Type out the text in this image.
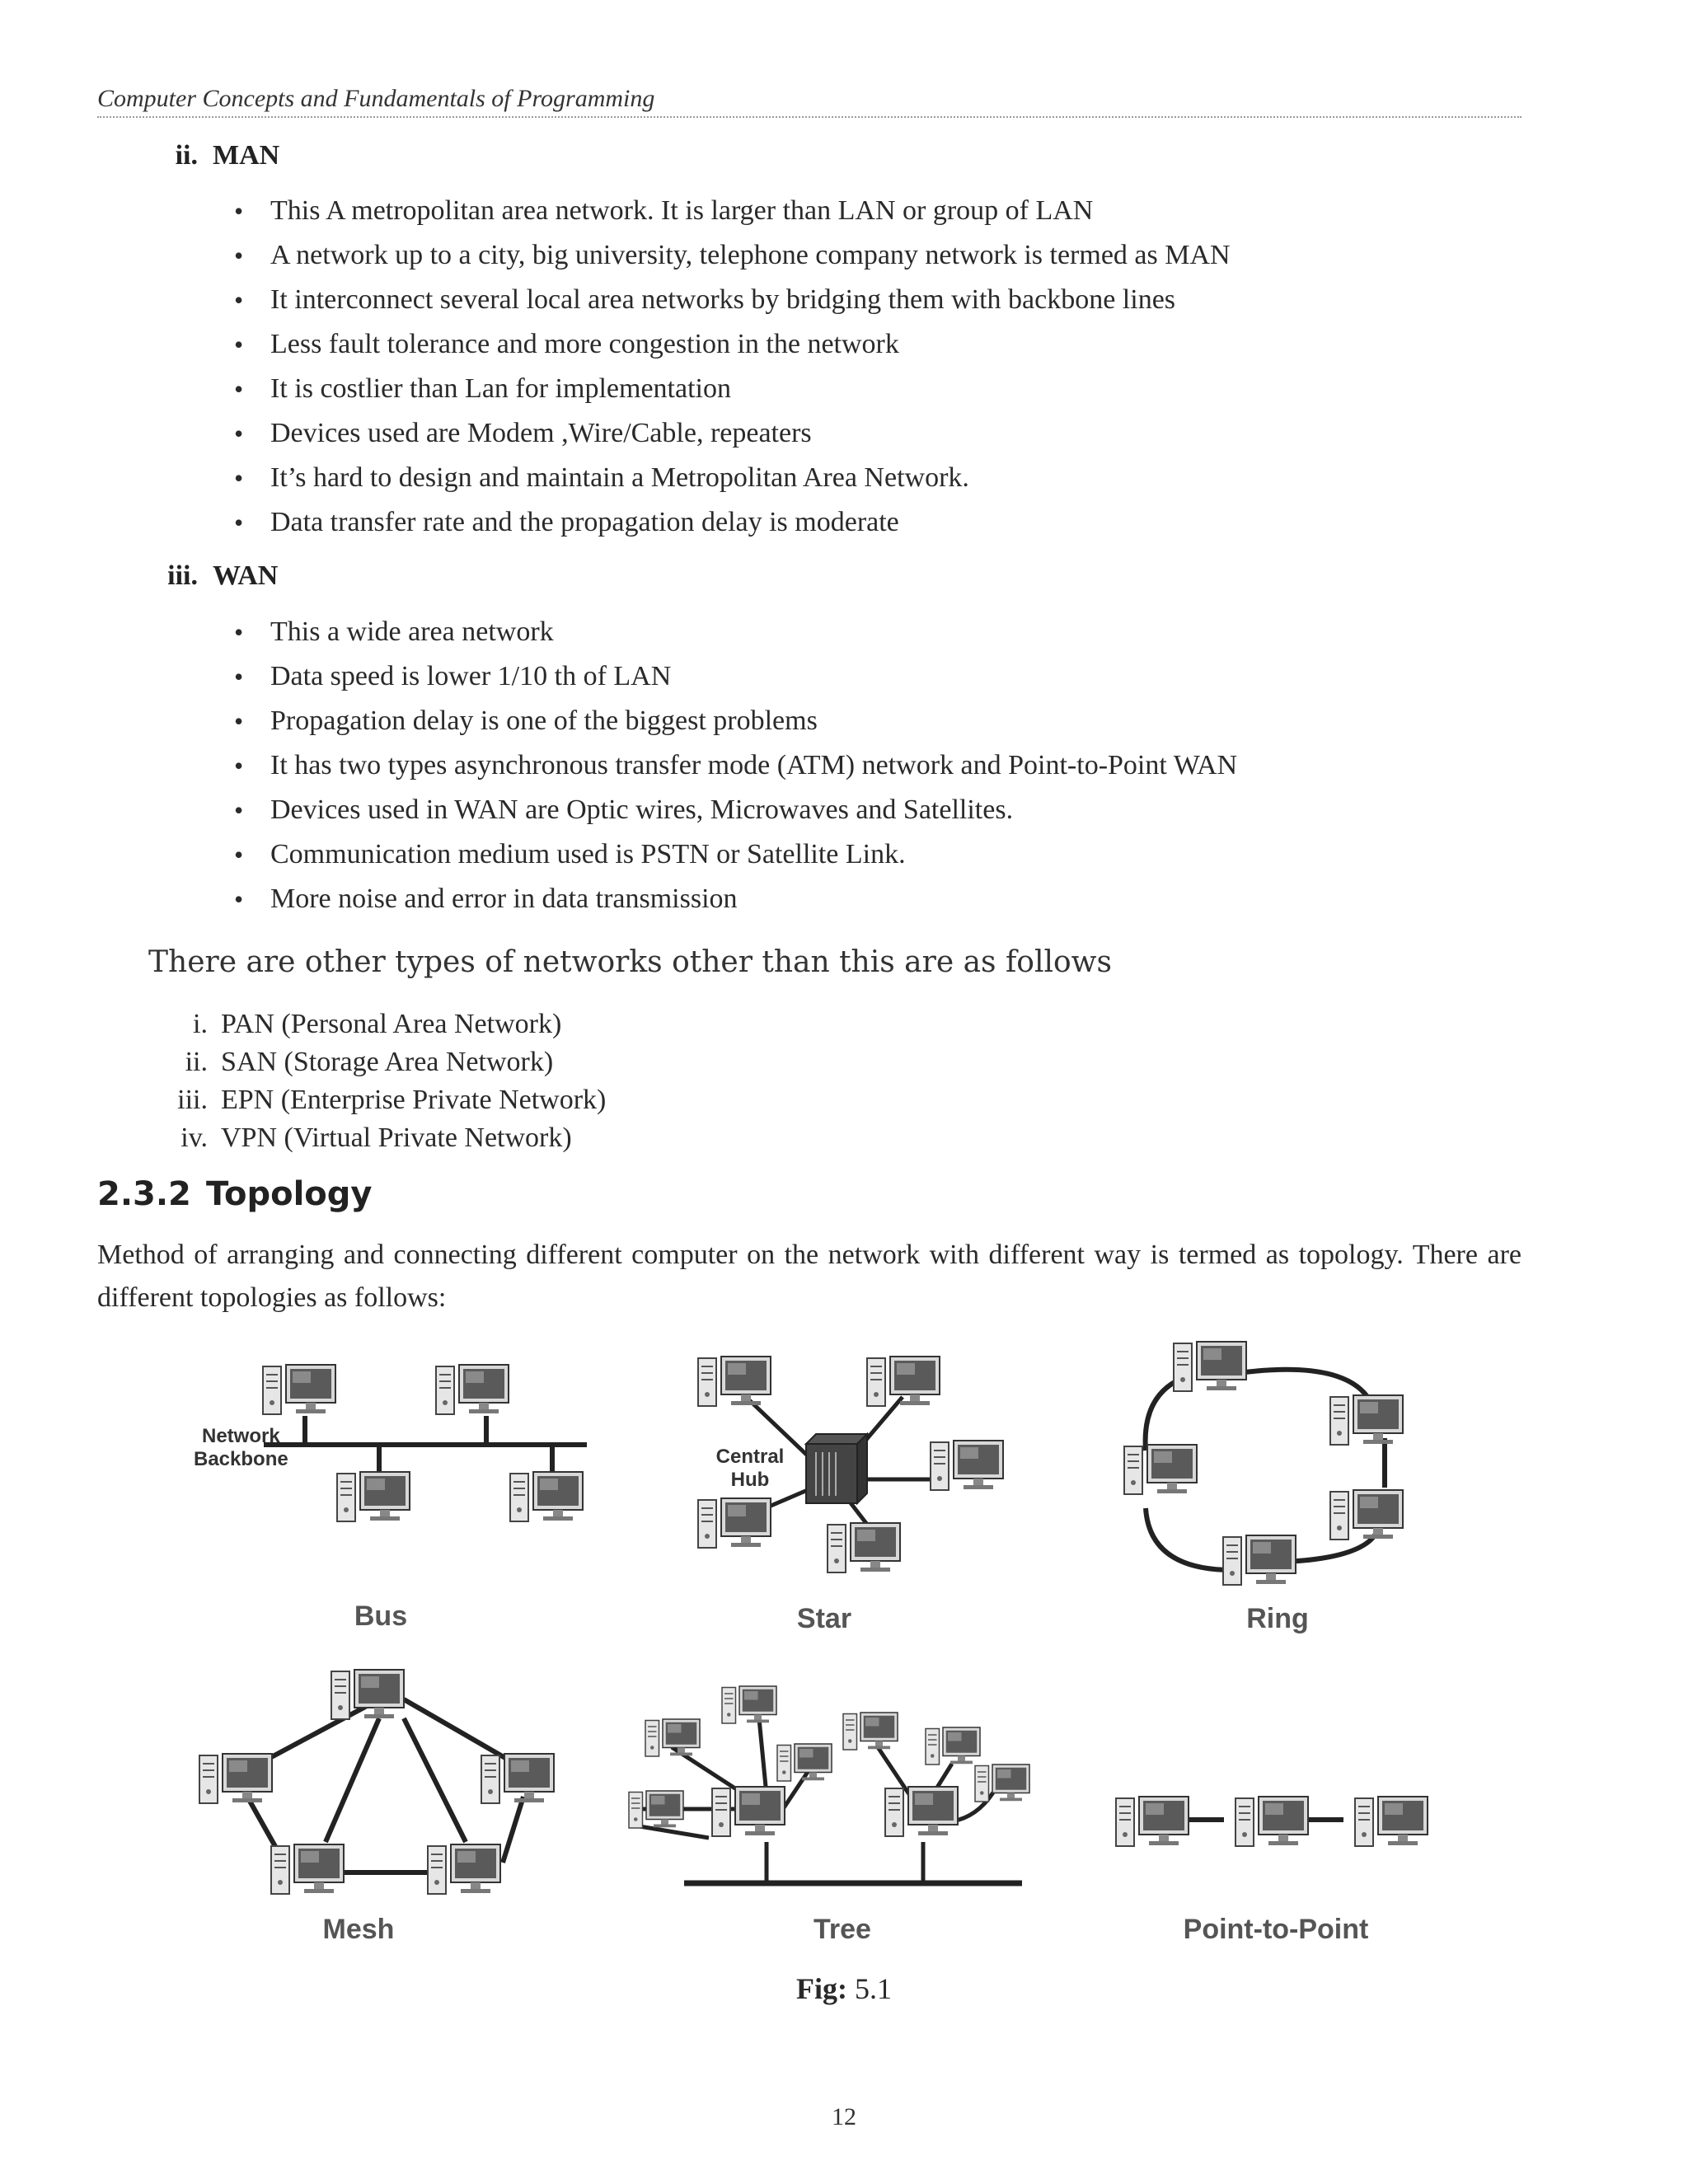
Computer Concepts and Fundamentals of Programming
ii. MAN
• This A metropolitan area network. It is larger than LAN or group of LAN
• A network up to a city, big university, telephone company network is termed as MAN
• It interconnect several local area networks by bridging them with backbone lines
• Less fault tolerance and more congestion in the network
• It is costlier than Lan for implementation
• Devices used are Modem ,Wire/Cable, repeaters
• It’s hard to design and maintain a Metropolitan Area Network.
• Data transfer rate and the propagation delay is moderate
iii. WAN
• This a wide area network
• Data speed is lower 1/10 th of LAN
• Propagation delay is one of the biggest problems
• It has two types asynchronous transfer mode (ATM) network and Point-to-Point WAN
• Devices used in WAN are Optic wires, Microwaves and Satellites.
• Communication medium used is PSTN or Satellite Link.
• More noise and error in data transmission
There are other types of networks other than this are as follows
i. PAN (Personal Area Network)
ii. SAN (Storage Area Network)
iii. EPN (Enterprise Private Network)
iv. VPN (Virtual Private Network)
2.3.2 Topology
Method of arranging and connecting different computer on the network with different way is termed as topology. There are different topologies as follows:
Network
Backbone
Bus
Central
Hub
Star	Ring
Mesh	Tree	Point-to-Point
Fig: 5.1
12
